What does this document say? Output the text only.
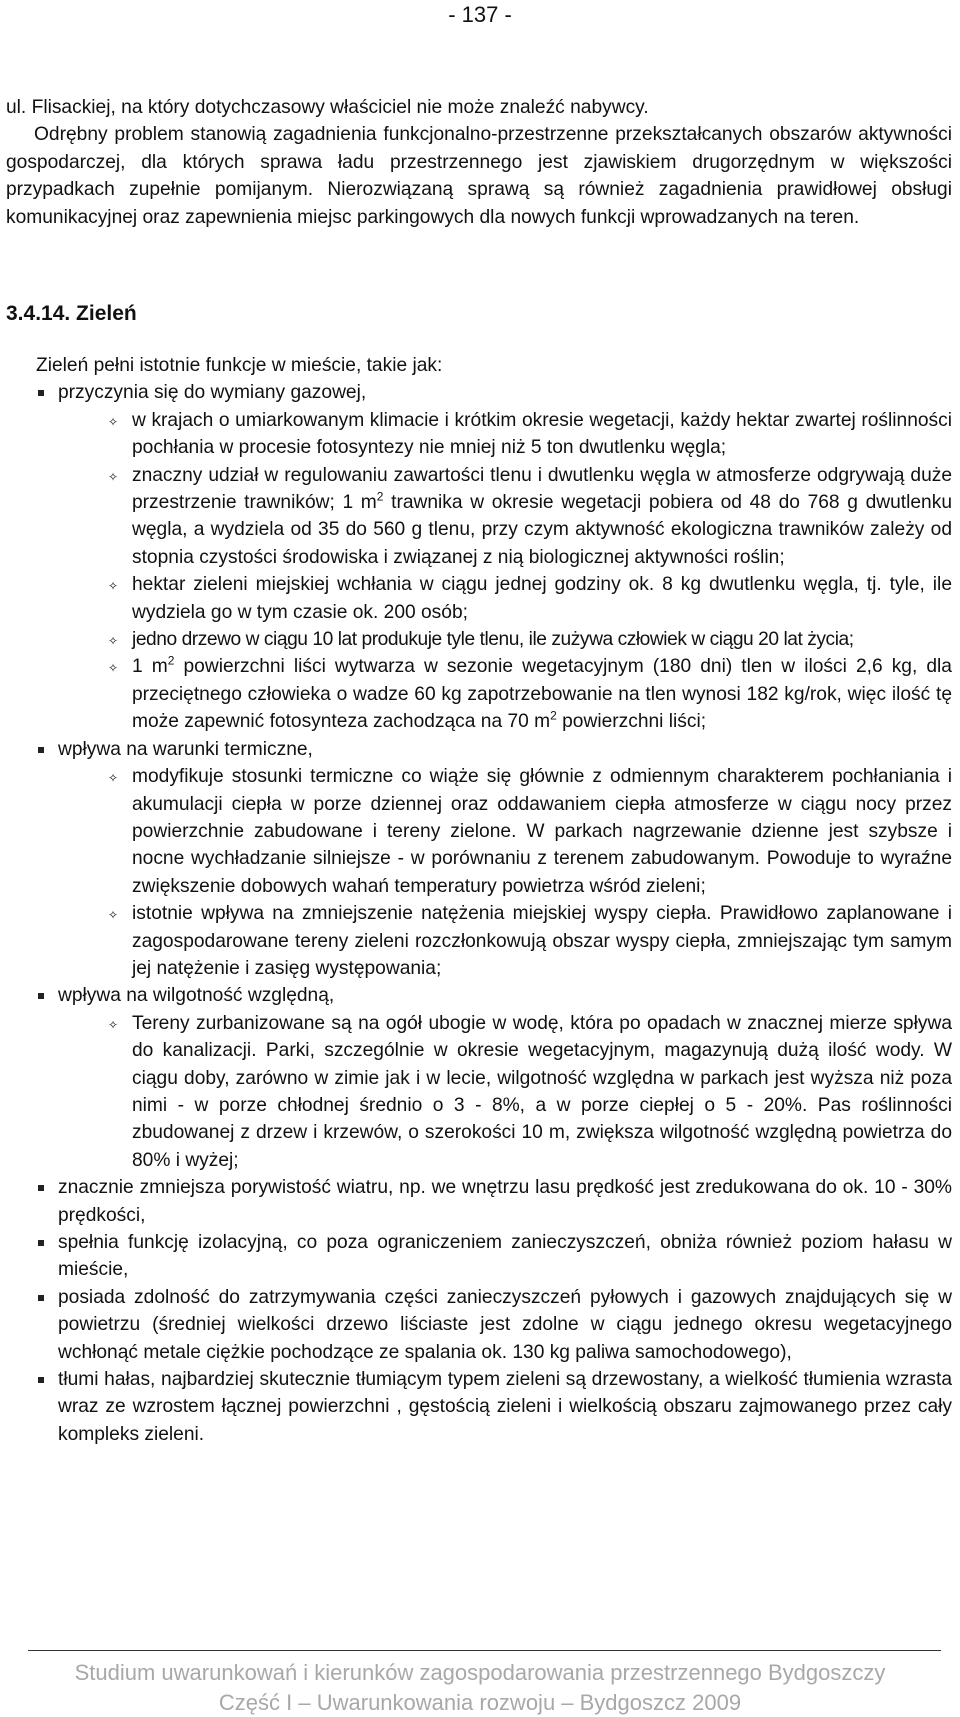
- 137 -

ul. Flisackiej, na który dotychczasowy właściciel nie może znaleźć nabywcy.

Odrębny problem stanowią zagadnienia funkcjonalno-przestrzenne przekształcanych obszarów aktywności gospodarczej, dla których sprawa ładu przestrzennego jest zjawiskiem drugorzędnym w większości przypadkach zupełnie pomijanym. Nierozwiązaną sprawą są również zagadnienia prawidłowej obsługi komunikacyjnej oraz zapewnienia miejsc parkingowych dla nowych funkcji wprowadzanych na teren.

3.4.14. Zieleń

Zieleń pełni istotnie funkcje w mieście, takie jak:

przyczynia się do wymiany gazowej,
✧ w krajach o umiarkowanym klimacie i krótkim okresie wegetacji, każdy hektar zwartej roślinności pochłania w procesie fotosyntezy nie mniej niż 5 ton dwutlenku węgla;
✧ znaczny udział w regulowaniu zawartości tlenu i dwutlenku węgla w atmosferze odgrywają duże przestrzenie trawników; 1 $m^2$ trawnika w okresie wegetacji pobiera od 48 do 768 g dwutlenku węgla, a wydziela od 35 do 560 g tlenu, przy czym aktywność ekologiczna trawników zależy od stopnia czystości środowiska i związanej z nią biologicznej aktywności roślin;
✧ hektar zieleni miejskiej wchłania w ciągu jednej godziny ok. 8 kg dwutlenku węgla, tj. tyle, ile wydziela go w tym czasie ok. 200 osób;
✧ jedno drzewo w ciągu 10 lat produkuje tyle tlenu, ile zużywa człowiek w ciągu 20 lat życia;
✧ 1 $m^2$ powierzchni liści wytwarza w sezonie wegetacyjnym (180 dni) tlen w ilości 2,6 kg, dla przeciętnego człowieka o wadze 60 kg zapotrzebowanie na tlen wynosi 182 kg/rok, więc ilość tę może zapewnić fotosynteza zachodząca na 70 $m^2$ powierzchni liści;
wpływa na warunki termiczne,
✧ modyfikuje stosunki termiczne co wiąże się głównie z odmiennym charakterem pochłaniania i akumulacji ciepła w porze dziennej oraz oddawaniem ciepła atmosferze w ciągu nocy przez powierzchnie zabudowane i tereny zielone. W parkach nagrzewanie dzienne jest szybsze i nocne wychładzanie silniejsze - w porównaniu z terenem zabudowanym. Powoduje to wyraźne zwiększenie dobowych wahań temperatury powietrza wśród zieleni;
✧ istotnie wpływa na zmniejszenie natężenia miejskiej wyspy ciepła. Prawidłowo zaplanowane i zagospodarowane tereny zieleni rozczłonkowują obszar wyspy ciepła, zmniejszając tym samym jej natężenie i zasięg występowania;
wpływa na wilgotność względną,
✧ Tereny zurbanizowane są na ogół ubogie w wodę, która po opadach w znacznej mierze spływa do kanalizacji. Parki, szczególnie w okresie wegetacyjnym, magazynują dużą ilość wody. W ciągu doby, zarówno w zimie jak i w lecie, wilgotność względna w parkach jest wyższa niż poza nimi - w porze chłodnej średnio o 3 - 8%, a w porze ciepłej o 5 - 20%. Pas roślinności zbudowanej z drzew i krzewów, o szerokości 10 m, zwiększa wilgotność względną powietrza do 80% i wyżej;
znacznie zmniejsza porywistość wiatru, np. we wnętrzu lasu prędkość jest zredukowana do ok. 10 - 30% prędkości,
spełnia funkcję izolacyjną, co poza ograniczeniem zanieczyszczeń, obniża również poziom hałasu w mieście,
posiada zdolność do zatrzymywania części zanieczyszczeń pyłowych i gazowych znajdujących się w powietrzu (średniej wielkości drzewo liściaste jest zdolne w ciągu jednego okresu wegetacyjnego wchłonąć metale ciężkie pochodzące ze spalania ok. 130 kg paliwa samochodowego),
tłumi hałas, najbardziej skutecznie tłumiącym typem zieleni są drzewostany, a wielkość tłumienia wzrasta wraz ze wzrostem łącznej powierzchni , gęstością zieleni i wielkością obszaru zajmowanego przez cały kompleks zieleni.
Studium uwarunkowań i kierunków zagospodarowania przestrzennego Bydgoszczy
Część I – Uwarunkowania rozwoju – Bydgoszcz 2009
